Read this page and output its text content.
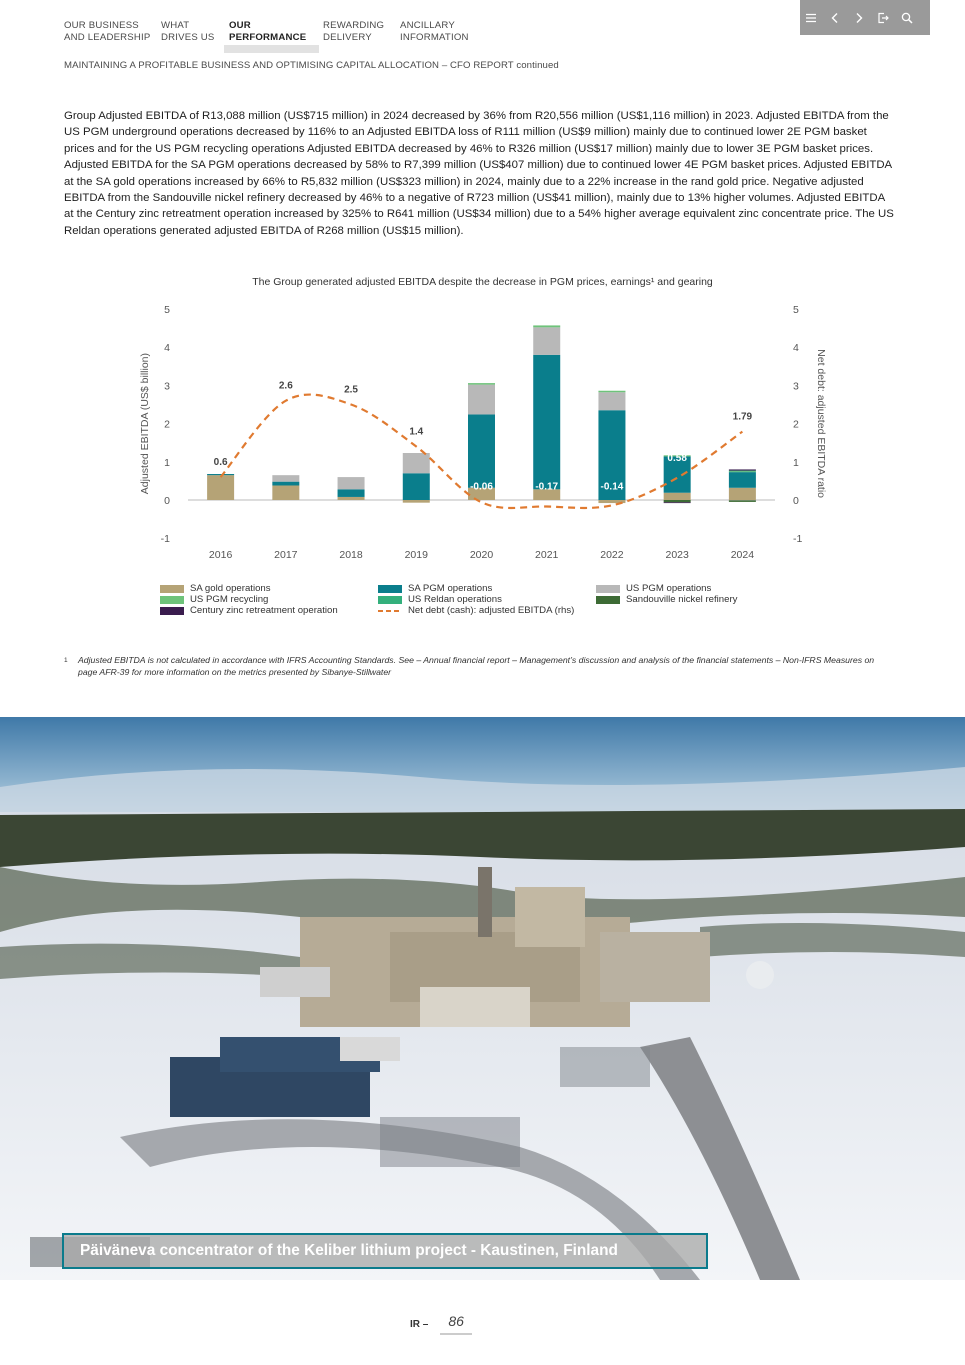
OUR BUSINESS
AND LEADERSHIP
WHAT
DRIVES US
OUR
PERFORMANCE
REWARDING
DELIVERY
ANCILLARY
INFORMATION
MAINTAINING A PROFITABLE BUSINESS AND OPTIMISING CAPITAL ALLOCATION – CFO REPORT continued

Group Adjusted EBITDA of R13,088 million (US$715 million) in 2024 decreased by 36% from R20,556 million (US$1,116 million) in 2023. Adjusted EBITDA from the US PGM underground operations decreased by 116% to an Adjusted EBITDA loss of R111 million (US$9 million) mainly due to continued lower 2E PGM basket prices and for the US PGM recycling operations Adjusted EBITDA decreased by 46% to R326 million (US$17 million) mainly due to lower 3E PGM basket prices. Adjusted EBITDA for the SA PGM operations decreased by 58% to R7,399 million (US$407 million) due to continued lower 4E PGM basket prices. Adjusted EBITDA at the SA gold operations increased by 66% to R5,832 million (US$323 million) in 2024, mainly due to a 22% increase in the rand gold price. Negative adjusted EBITDA from the Sandouville nickel refinery decreased by 46% to a negative of R723 million (US$41 million), mainly due to 13% higher volumes. Adjusted EBITDA at the Century zinc retreatment operation increased by 325% to R641 million (US$34 million) due to a 54% higher average equivalent zinc concentrate price. The US Reldan operations generated adjusted EBITDA of R268 million (US$15 million).

The Group generated adjusted EBITDA despite the decrease in PGM prices, earnings¹ and gearing
-1	-1
0	0
1	1
2	2
3	3
4	4
5	5
Adjusted EBITDA (US$ billion)	Net debt: adjusted EBITDA ratio
2016	2017	2018	2019	2020	2021	2022	2023	2024
0.6
2.6	2.5
1.4
-0.06	-0.17	-0.14
0.58
1.79
SA gold operations	SA PGM operations	US PGM operations
US PGM recycling	US Reldan operations	Sandouville nickel refinery
Century zinc retreatment operation	Net debt (cash): adjusted EBITDA (rhs)
1	Adjusted EBITDA is not calculated in accordance with IFRS Accounting Standards. See – Annual financial report – Management’s discussion and analysis of the financial statements – Non-IFRS Measures on page AFR-39 for more information on the metrics presented by Sibanye-Stillwater
Päiväneva concentrator of the Keliber lithium project - Kaustinen, Finland
IR –	86
